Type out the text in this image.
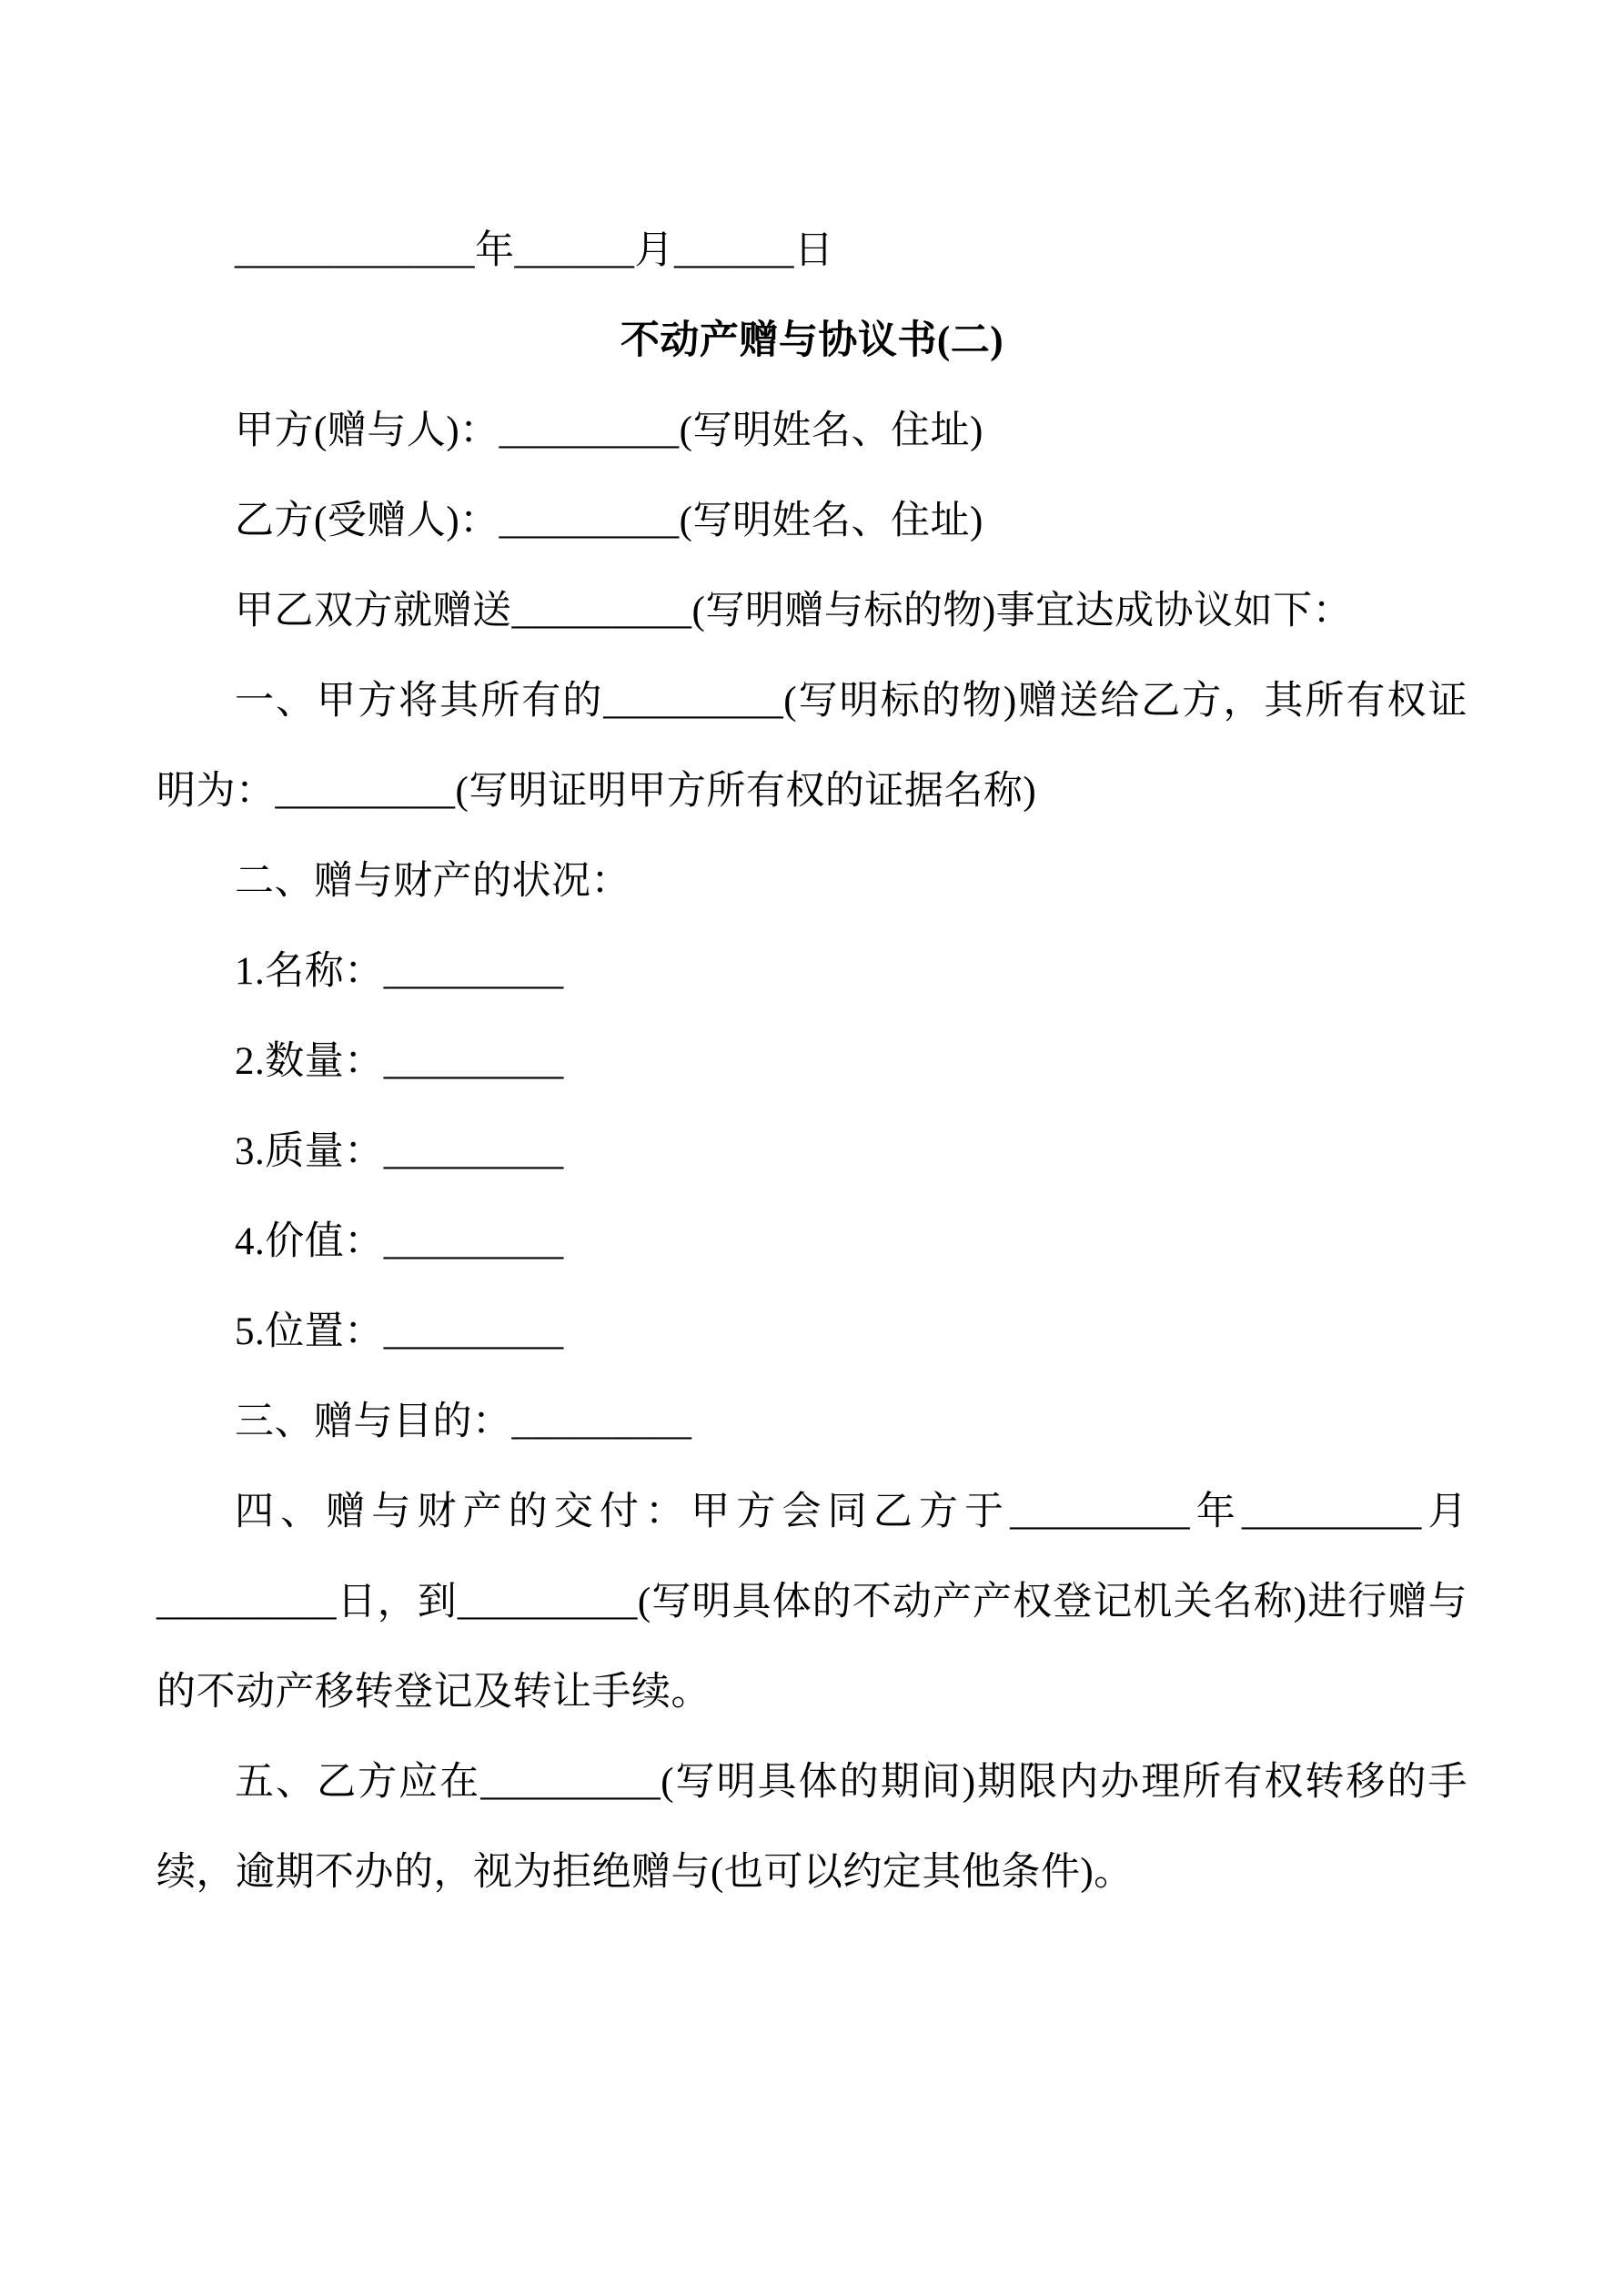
____________年______月______日

不动产赠与协议书(二)

甲方(赠与人)：_________(写明姓名、住址)

乙方(受赠人)：_________(写明姓名、住址)

甲乙双方就赠送_________(写明赠与标的物)事宜达成协议如下：

一、甲方将其所有的_________(写明标的物)赠送给乙方，其所有权证明为：_________(写明证明甲方所有权的证据名称)

二、赠与财产的状况：

1.名称：_________

2.数量：_________

3.质量：_________

4.价值：_________

5.位置：_________

三、赠与目的：_________

四、赠与财产的交付：甲方会同乙方于_________年_________月_________日，到_________(写明具体的不动产产权登记机关名称)进行赠与的不动产移转登记及转让手续。

五、乙方应在_________(写明具体的期间)期限内办理所有权转移的手续，逾期不办的，视为拒绝赠与(也可以约定其他条件)。
